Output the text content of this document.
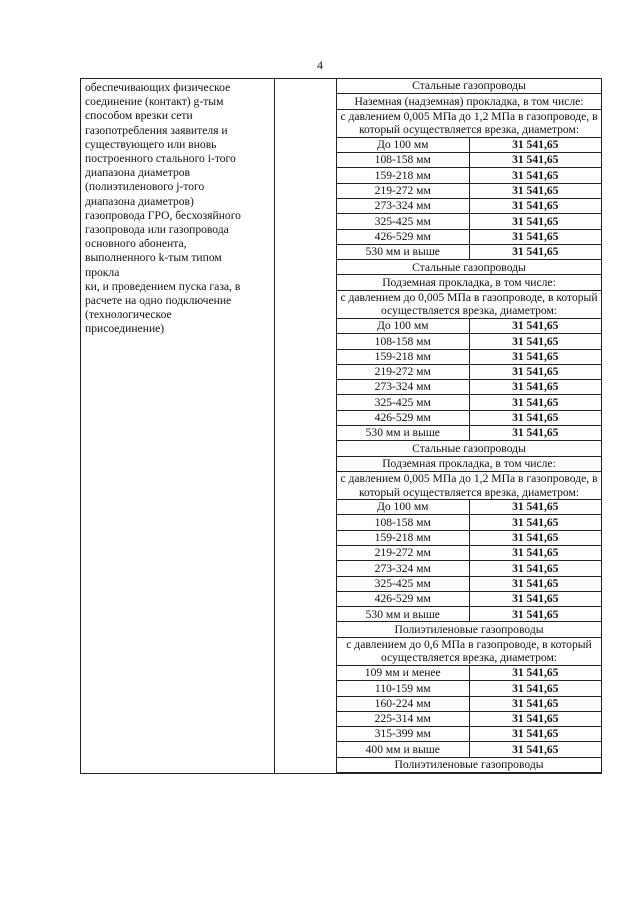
4
обеспечивающих физическое
соединение (контакт) g-тым
способом врезки сети
газопотребления заявителя и
существующего или вновь
построенного стального i-того
диапазона диаметров
(полиэтиленового j-того
диапазона диаметров)
газопровода ГРО, бесхозяйного
газопровода или газопровода
основного абонента,
выполненного k-тым типом
прокла
ки, и проведением пуска газа, в
расчете на одно подключение
(технологическое
присоединение)

Стальные газопроводы
Наземная (надземная) прокладка, в том числе:
с давлением 0,005 МПа до 1,2 МПа в газопроводе, в который осуществляется врезка, диаметром:
До 100 мм	31 541,65
108-158 мм	31 541,65
159-218 мм	31 541,65
219-272 мм	31 541,65
273-324 мм	31 541,65
325-425 мм	31 541,65
426-529 мм	31 541,65
530 мм и выше	31 541,65
Стальные газопроводы
Подземная прокладка, в том числе:
с давлением до 0,005 МПа в газопроводе, в который осуществляется врезка, диаметром:
До 100 мм	31 541,65
108-158 мм	31 541,65
159-218 мм	31 541,65
219-272 мм	31 541,65
273-324 мм	31 541,65
325-425 мм	31 541,65
426-529 мм	31 541,65
530 мм и выше	31 541,65
Стальные газопроводы
Подземная прокладка, в том числе:
с давлением 0,005 МПа до 1,2 МПа в газопроводе, в который осуществляется врезка, диаметром:
До 100 мм	31 541,65
108-158 мм	31 541,65
159-218 мм	31 541,65
219-272 мм	31 541,65
273-324 мм	31 541,65
325-425 мм	31 541,65
426-529 мм	31 541,65
530 мм и выше	31 541,65
Полиэтиленовые газопроводы
с давлением до 0,6 МПа в газопроводе, в который осуществляется врезка, диаметром:
109 мм и менее	31 541,65
110-159 мм	31 541,65
160-224 мм	31 541,65
225-314 мм	31 541,65
315-399 мм	31 541,65
400 мм и выше	31 541,65
Полиэтиленовые газопроводы
